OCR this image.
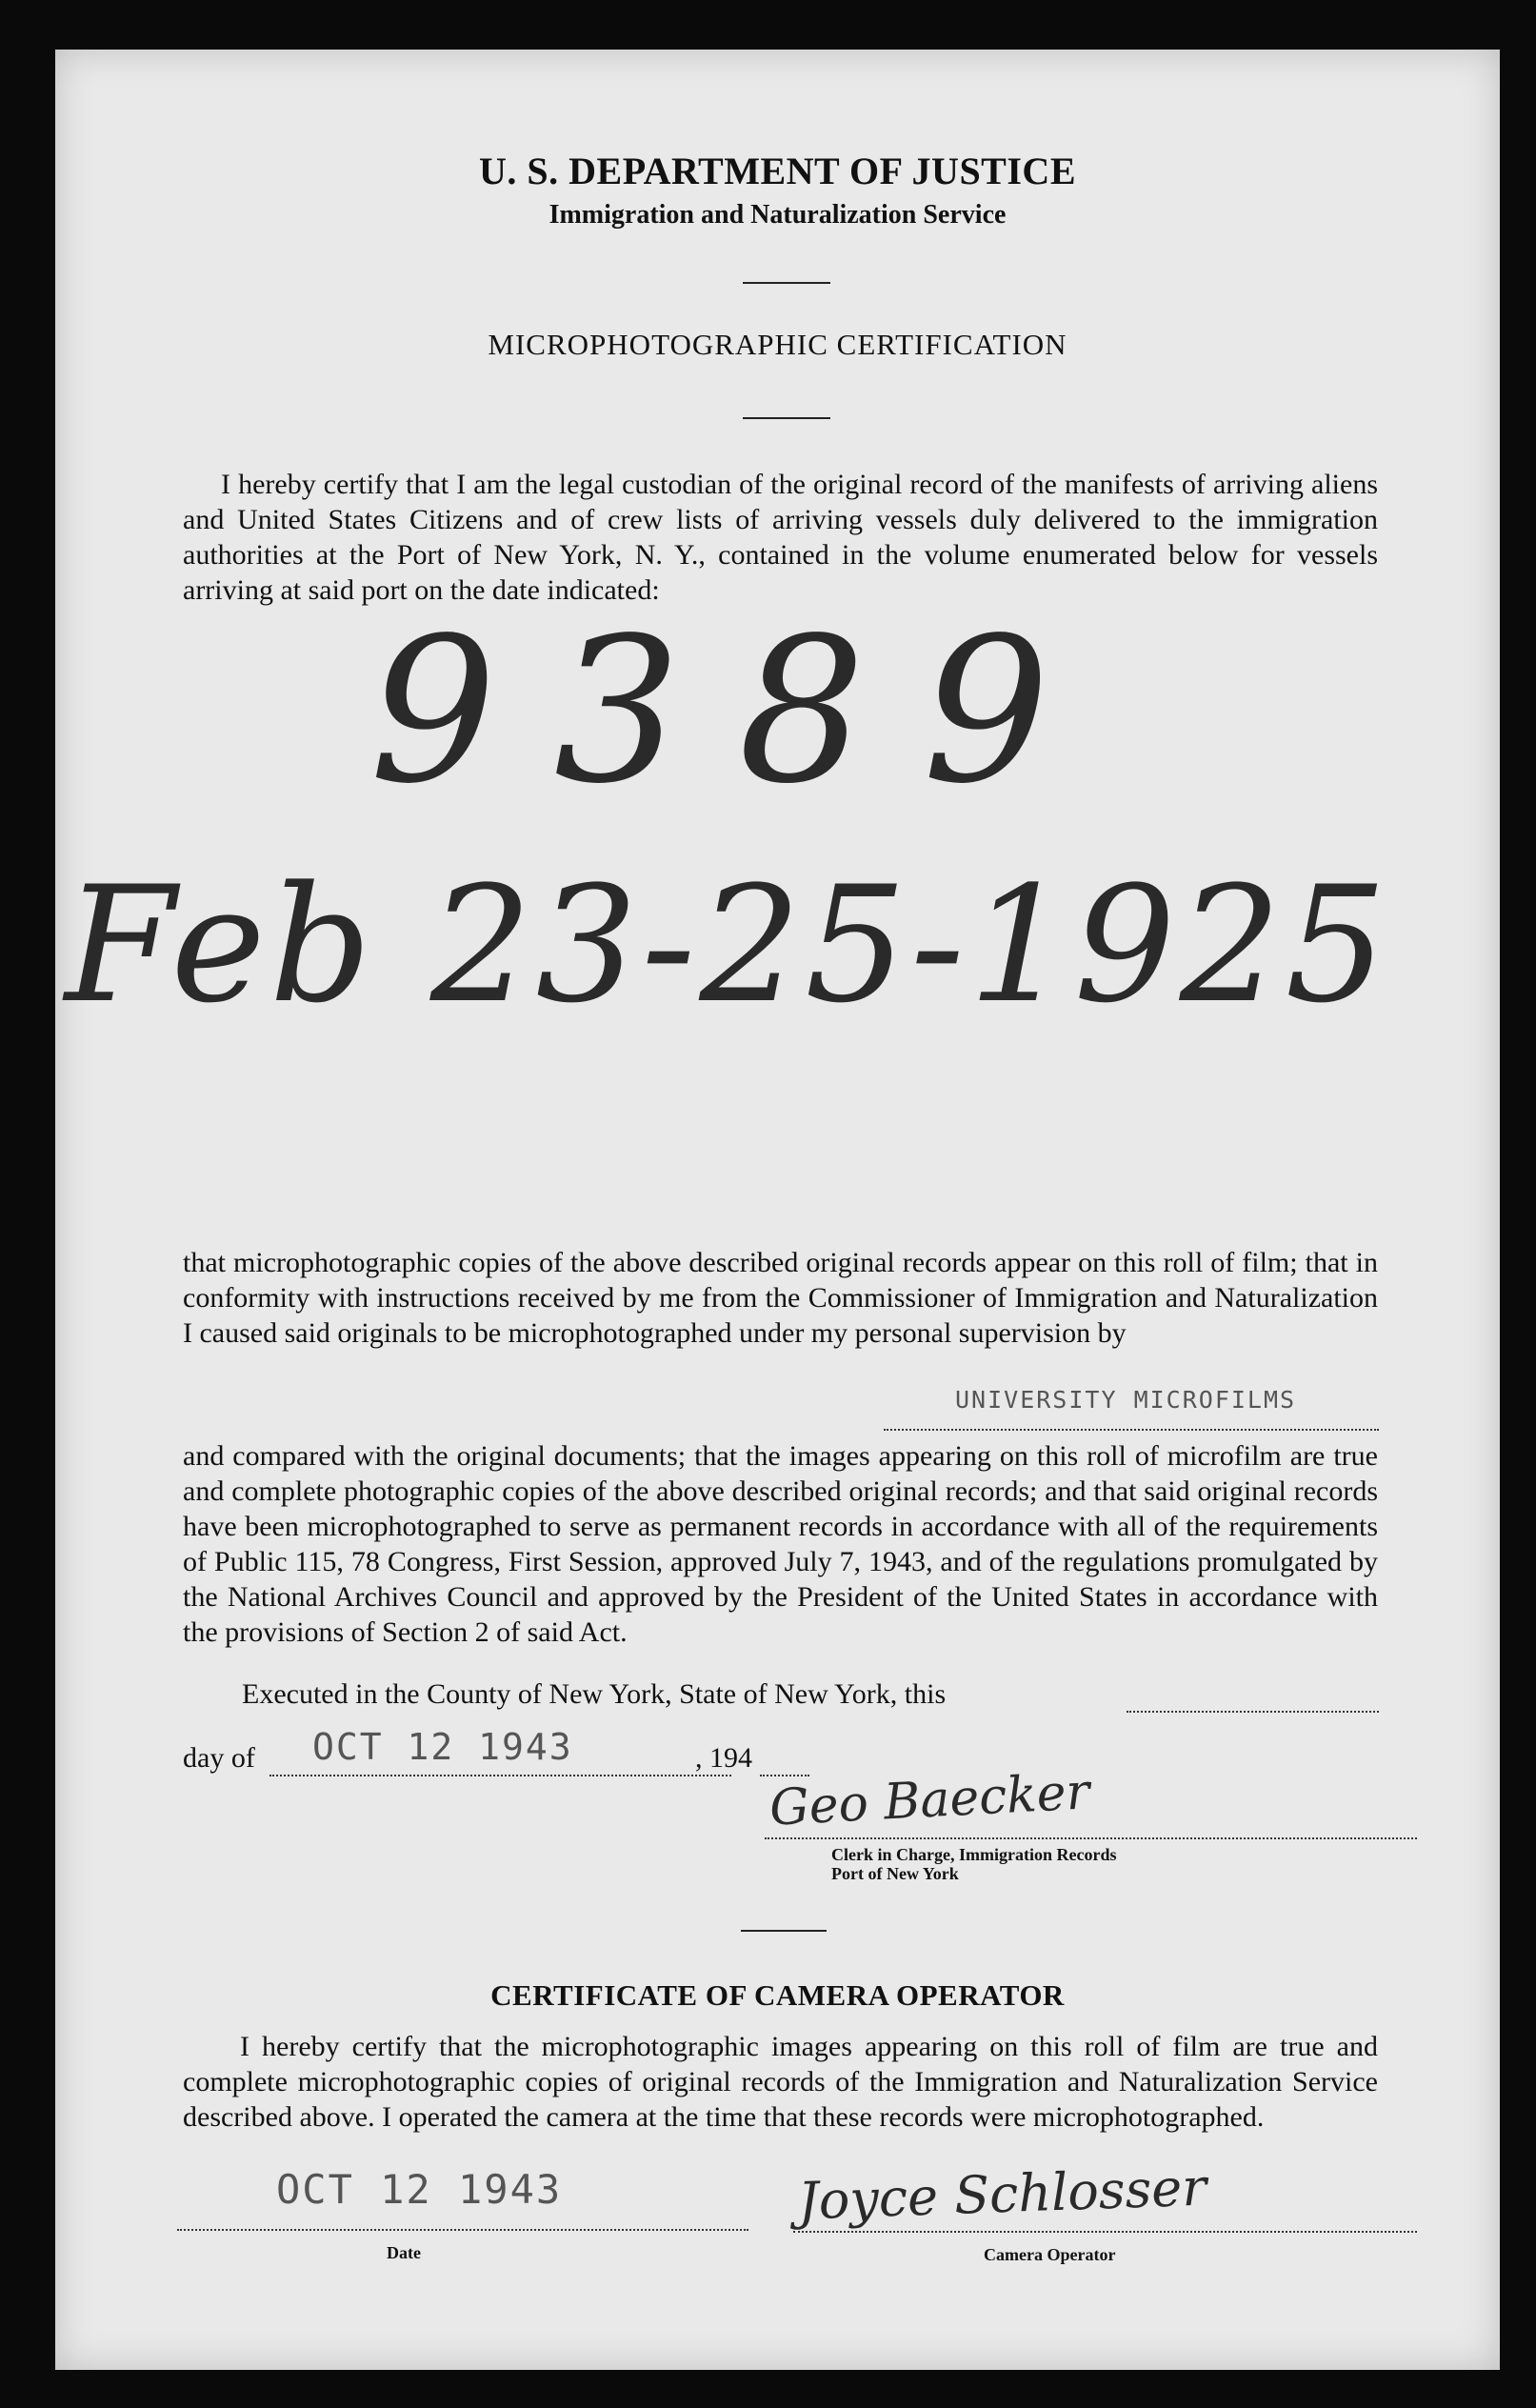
U. S. DEPARTMENT OF JUSTICE
Immigration and Naturalization Service
MICROPHOTOGRAPHIC CERTIFICATION
I hereby certify that I am the legal custodian of the original record of the manifests of arriving aliens and United States Citizens and of crew lists of arriving vessels duly delivered to the immigration authorities at the Port of New York, N. Y., contained in the volume enumerated below for vessels arriving at said port on the date indicated:
9389
Feb 23-25-1925
that microphotographic copies of the above described original records appear on this roll of film; that in conformity with instructions received by me from the Commissioner of Immigration and Naturalization I caused said originals to be microphotographed under my personal supervision by
UNIVERSITY MICROFILMS
and compared with the original documents; that the images appearing on this roll of microfilm are true and complete photographic copies of the above described original records; and that said original records have been microphotographed to serve as permanent records in accordance with all of the requirements of Public 115, 78 Congress, First Session, approved July 7, 1943, and of the regulations promulgated by the National Archives Council and approved by the President of the United States in accordance with the provisions of Section 2 of said Act.
Executed in the County of New York, State of New York, this
day of OCT 12 1943	, 194
Geo Baecker
Clerk in Charge, Immigration Records
Port of New York
CERTIFICATE OF CAMERA OPERATOR
I hereby certify that the microphotographic images appearing on this roll of film are true and complete microphotographic copies of original records of the Immigration and Naturalization Service described above. I operated the camera at the time that these records were microphotographed.
OCT 12 1943
Date
Joyce Schlosser
Camera Operator
